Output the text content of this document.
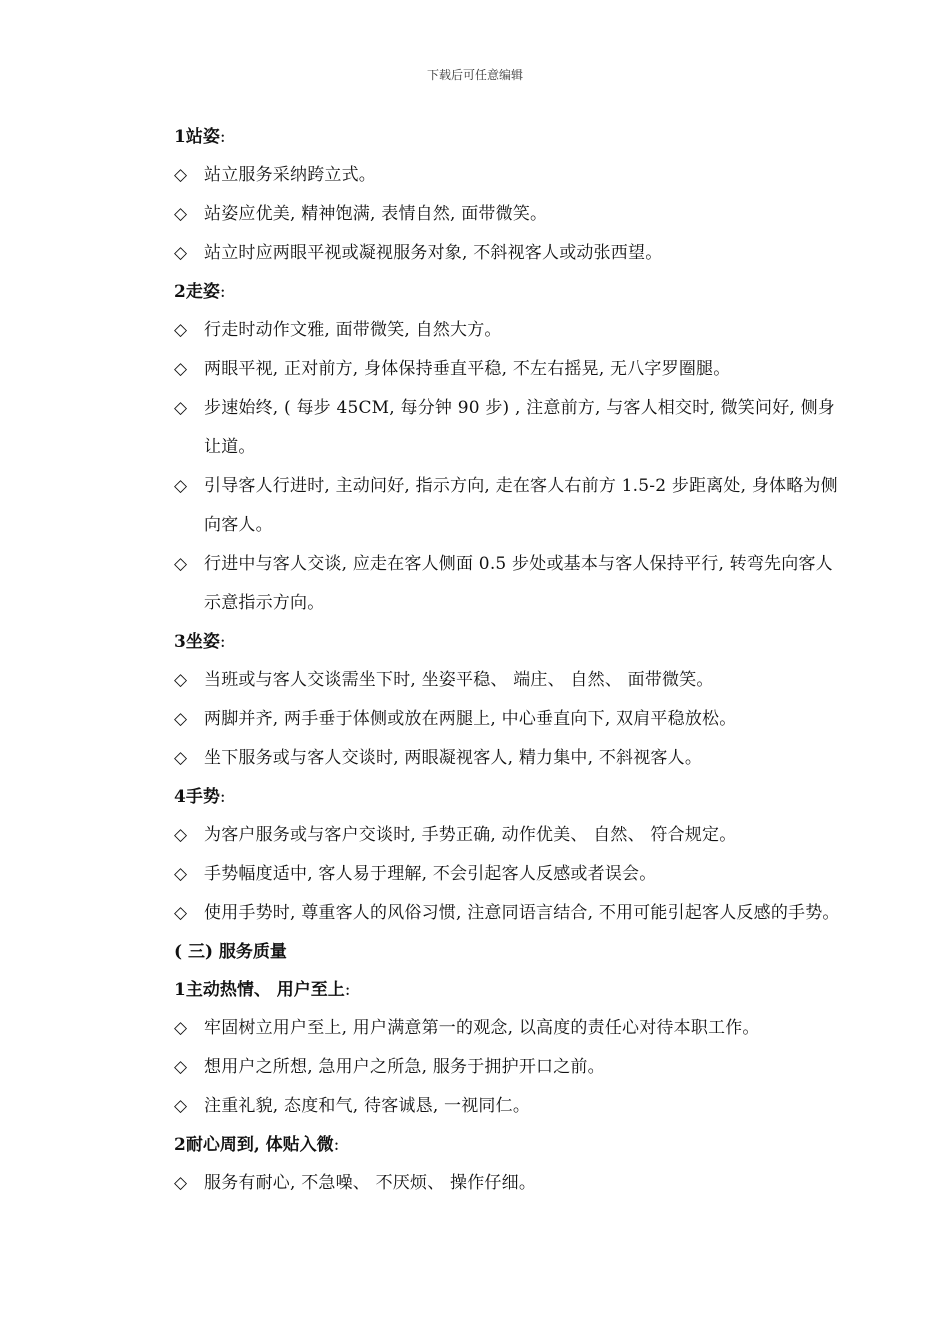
下载后可任意编辑
1站姿:
◇ 站立服务采纳跨立式。
◇ 站姿应优美, 精神饱满, 表情自然, 面带微笑。
◇ 站立时应两眼平视或凝视服务对象, 不斜视客人或动张西望。
2走姿:
◇ 行走时动作文雅, 面带微笑, 自然大方。
◇ 两眼平视, 正对前方, 身体保持垂直平稳, 不左右摇晃, 无八字罗圈腿。
◇ 步速始终, ( 每步 45CM, 每分钟 90 步) , 注意前方, 与客人相交时, 微笑问好, 侧身让道。
◇ 引导客人行进时, 主动问好, 指示方向, 走在客人右前方 1.5-2 步距离处, 身体略为侧向客人。
◇ 行进中与客人交谈, 应走在客人侧面 0.5 步处或基本与客人保持平行, 转弯先向客人示意指示方向。
3坐姿:
◇ 当班或与客人交谈需坐下时, 坐姿平稳、 端庄、 自然、 面带微笑。
◇ 两脚并齐, 两手垂于体侧或放在两腿上, 中心垂直向下, 双肩平稳放松。
◇ 坐下服务或与客人交谈时, 两眼凝视客人, 精力集中, 不斜视客人。
4手势:
◇ 为客户服务或与客户交谈时, 手势正确, 动作优美、 自然、 符合规定。
◇ 手势幅度适中, 客人易于理解, 不会引起客人反感或者误会。
◇ 使用手势时, 尊重客人的风俗习惯, 注意同语言结合, 不用可能引起客人反感的手势。
( 三) 服务质量
1主动热情、 用户至上:
◇ 牢固树立用户至上, 用户满意第一的观念, 以高度的责任心对待本职工作。
◇ 想用户之所想, 急用户之所急, 服务于拥护开口之前。
◇ 注重礼貌, 态度和气, 待客诚恳, 一视同仁。
2耐心周到, 体贴入微:
◇ 服务有耐心, 不急噪、 不厌烦、 操作仔细。
